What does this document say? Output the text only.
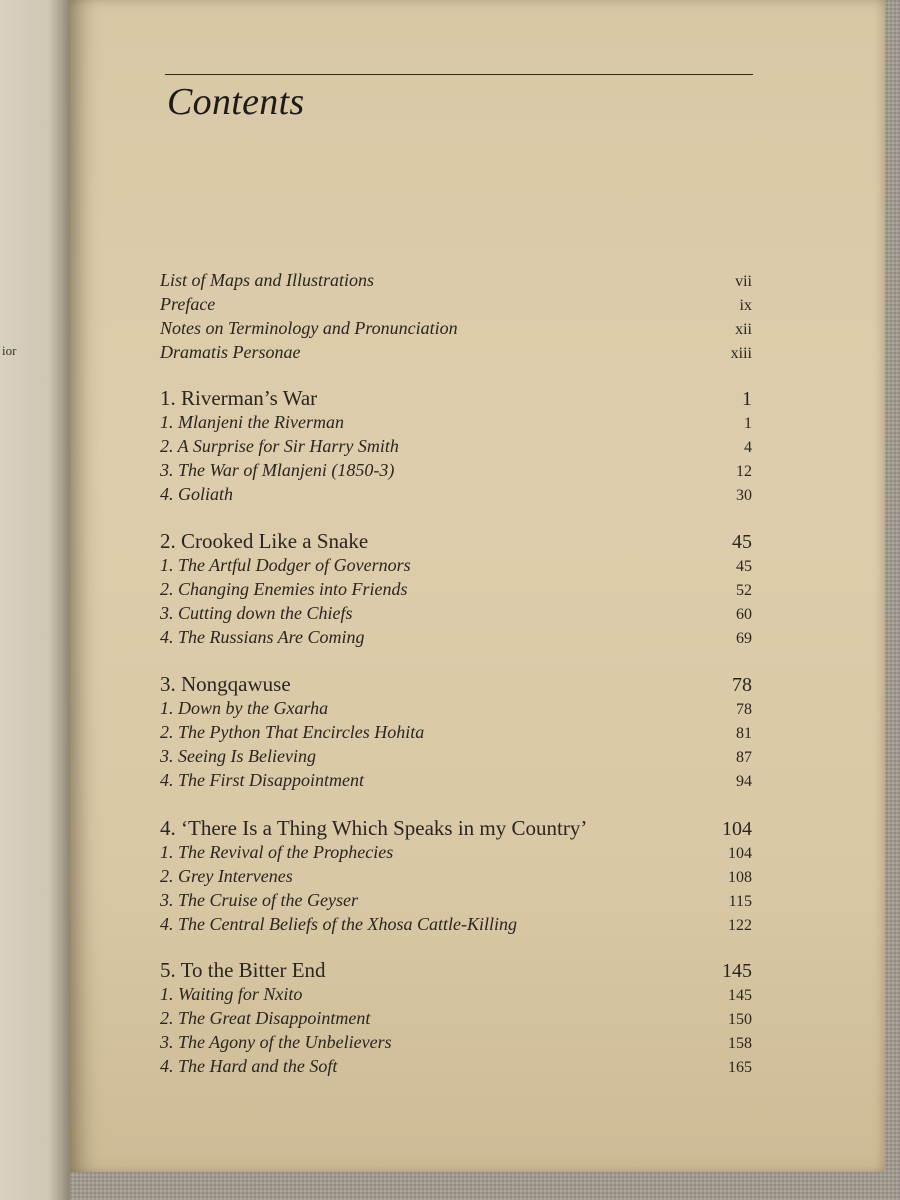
ior
Contents
List of Maps and Illustrations	vii
Preface	ix
Notes on Terminology and Pronunciation	xii
Dramatis Personae	xiii
1. Riverman’s War	1
1. Mlanjeni the Riverman	1
2. A Surprise for Sir Harry Smith	4
3. The War of Mlanjeni (1850-3)	12
4. Goliath	30
2. Crooked Like a Snake	45
1. The Artful Dodger of Governors	45
2. Changing Enemies into Friends	52
3. Cutting down the Chiefs	60
4. The Russians Are Coming	69
3. Nongqawuse	78
1. Down by the Gxarha	78
2. The Python That Encircles Hohita	81
3. Seeing Is Believing	87
4. The First Disappointment	94
4. ‘There Is a Thing Which Speaks in my Country’	104
1. The Revival of the Prophecies	104
2. Grey Intervenes	108
3. The Cruise of the Geyser	115
4. The Central Beliefs of the Xhosa Cattle-Killing	122
5. To the Bitter End	145
1. Waiting for Nxito	145
2. The Great Disappointment	150
3. The Agony of the Unbelievers	158
4. The Hard and the Soft	165
